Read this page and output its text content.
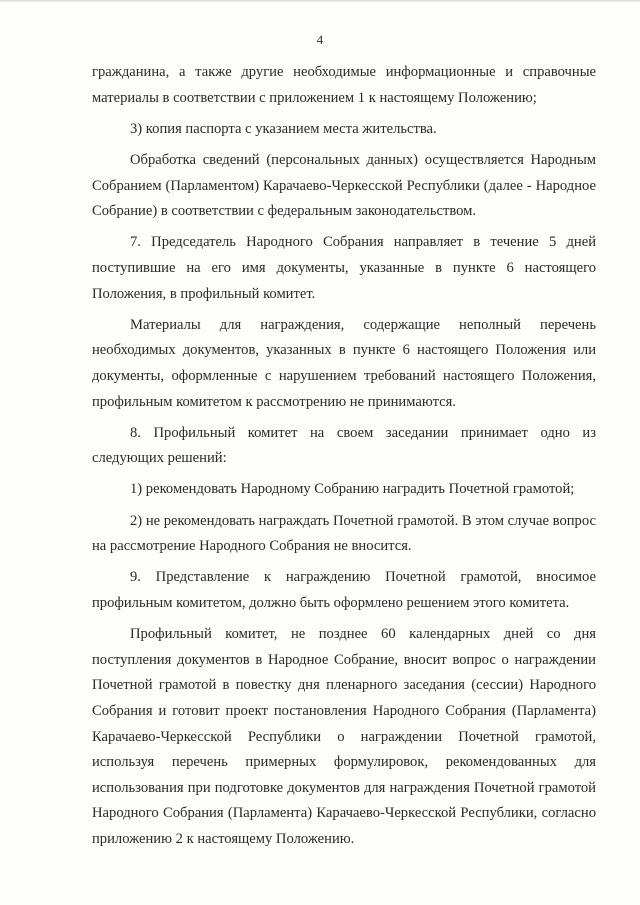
4

гражданина, а также другие необходимые информационные и справочные материалы в соответствии с приложением 1 к настоящему Положению;

3) копия паспорта с указанием места жительства.

Обработка сведений (персональных данных) осуществляется Народным Собранием (Парламентом) Карачаево-Черкесской Республики (далее - Народное Собрание) в соответствии с федеральным законодательством.

7. Председатель Народного Собрания направляет в течение 5 дней поступившие на его имя документы, указанные в пункте 6 настоящего Положения, в профильный комитет.

Материалы для награждения, содержащие неполный перечень необходимых документов, указанных в пункте 6 настоящего Положения или документы, оформленные с нарушением требований настоящего Положения, профильным комитетом к рассмотрению не принимаются.

8. Профильный комитет на своем заседании принимает одно из следующих решений:

1) рекомендовать Народному Собранию наградить Почетной грамотой;

2) не рекомендовать награждать Почетной грамотой. В этом случае вопрос на рассмотрение Народного Собрания не вносится.

9. Представление к награждению Почетной грамотой, вносимое профильным комитетом, должно быть оформлено решением этого комитета.

Профильный комитет, не позднее 60 календарных дней со дня поступления документов в Народное Собрание, вносит вопрос о награждении Почетной грамотой в повестку дня пленарного заседания (сессии) Народного Собрания и готовит проект постановления Народного Собрания (Парламента) Карачаево-Черкесской Республики о награждении Почетной грамотой, используя перечень примерных формулировок, рекомендованных для использования при подготовке документов для награждения Почетной грамотой Народного Собрания (Парламента) Карачаево-Черкесской Республики, согласно приложению 2 к настоящему Положению.
